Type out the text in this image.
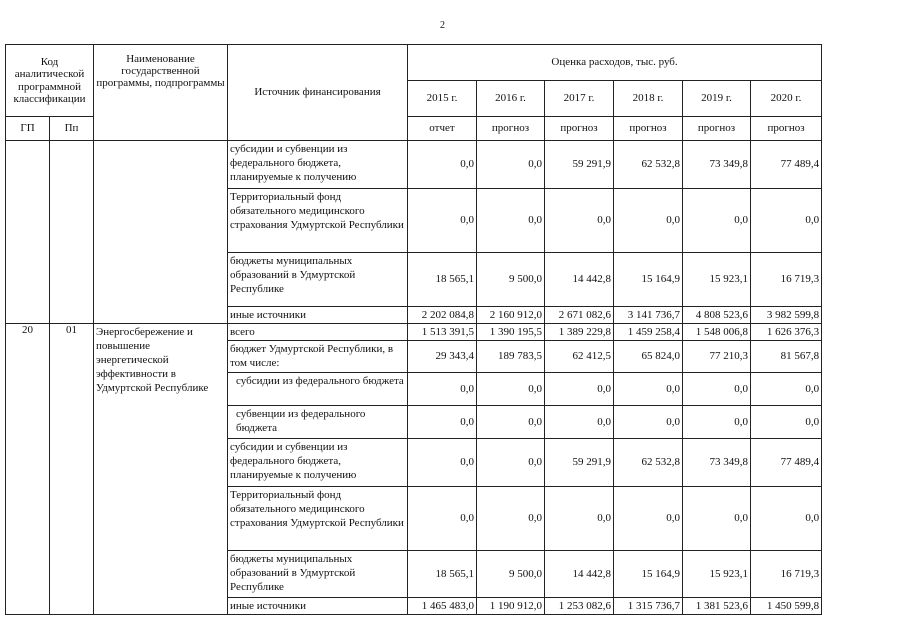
2
Код аналитической программной классификации		Наименование государственной программы, подпрограммы	Источник финансирования	Оценка расходов, тыс. руб.					
				2015 г.	2016 г.	2017 г.	2018 г.	2019 г.	2020 г.
ГП	Пп			отчет	прогноз	прогноз	прогноз	прогноз	прогноз
			субсидии и субвенции из федерального бюджета, планируемые к получению	0,0	0,0	59 291,9	62 532,8	73 349,8	77 489,4
			Территориальный фонд обязательного медицинского страхования Удмуртской Республики	0,0	0,0	0,0	0,0	0,0	0,0
			бюджеты муниципальных образований в Удмуртской Республике	18 565,1	9 500,0	14 442,8	15 164,9	15 923,1	16 719,3
			иные источники	2 202 084,8	2 160 912,0	2 671 082,6	3 141 736,7	4 808 523,6	3 982 599,8
20	01	Энергосбережение и повышение энергетической эффективности в Удмуртской Республике	всего	1 513 391,5	1 390 195,5	1 389 229,8	1 459 258,4	1 548 006,8	1 626 376,3
			бюджет Удмуртской Республики, в том числе:	29 343,4	189 783,5	62 412,5	65 824,0	77 210,3	81 567,8
			субсидии из федерального бюджета	0,0	0,0	0,0	0,0	0,0	0,0
			субвенции из федерального бюджета	0,0	0,0	0,0	0,0	0,0	0,0
			субсидии и субвенции из федерального бюджета, планируемые к получению	0,0	0,0	59 291,9	62 532,8	73 349,8	77 489,4
			Территориальный фонд обязательного медицинского страхования Удмуртской Республики	0,0	0,0	0,0	0,0	0,0	0,0
			бюджеты муниципальных образований в Удмуртской Республике	18 565,1	9 500,0	14 442,8	15 164,9	15 923,1	16 719,3
			иные источники	1 465 483,0	1 190 912,0	1 253 082,6	1 315 736,7	1 381 523,6	1 450 599,8
